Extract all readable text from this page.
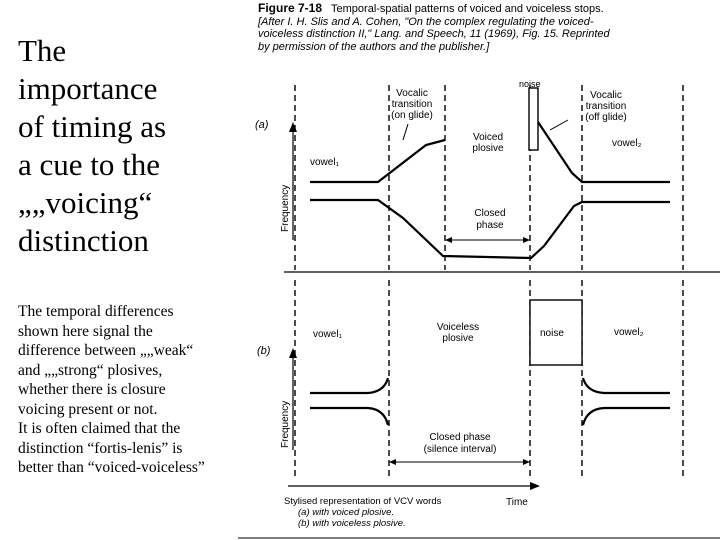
The
importance
of timing as
a cue to the
„„voicing“
distinction
The temporal differences
shown here signal the
difference between „„weak“
and „„strong“ plosives,
whether there is closure
voicing present or not.
It is often claimed that the
distinction “fortis-lenis” is
better than “voiced-voiceless”
Figure 7-18 Temporal-spatial patterns of voiced and voiceless stops.
[After I. H. Slis and A. Cohen, "On the complex regulating the voiced-
voiceless distinction II," Lang. and Speech, 11 (1969), Fig. 15. Reprinted
by permission of the authors and the publisher.]
Frequency
(a)
vowel₁
vowel₂
Vocalic
transition
(on glide)
Vocalic
transition
(off glide)
Voiced
plosive
Closed
phase
noise
Frequency
(b)
vowel₁	vowel₂
Voiceless
plosive
Closed phase
(silence interval)
noise
Time
Stylised representation of VCV words
(a) with voiced plosive.
(b) with voiceless plosive.
